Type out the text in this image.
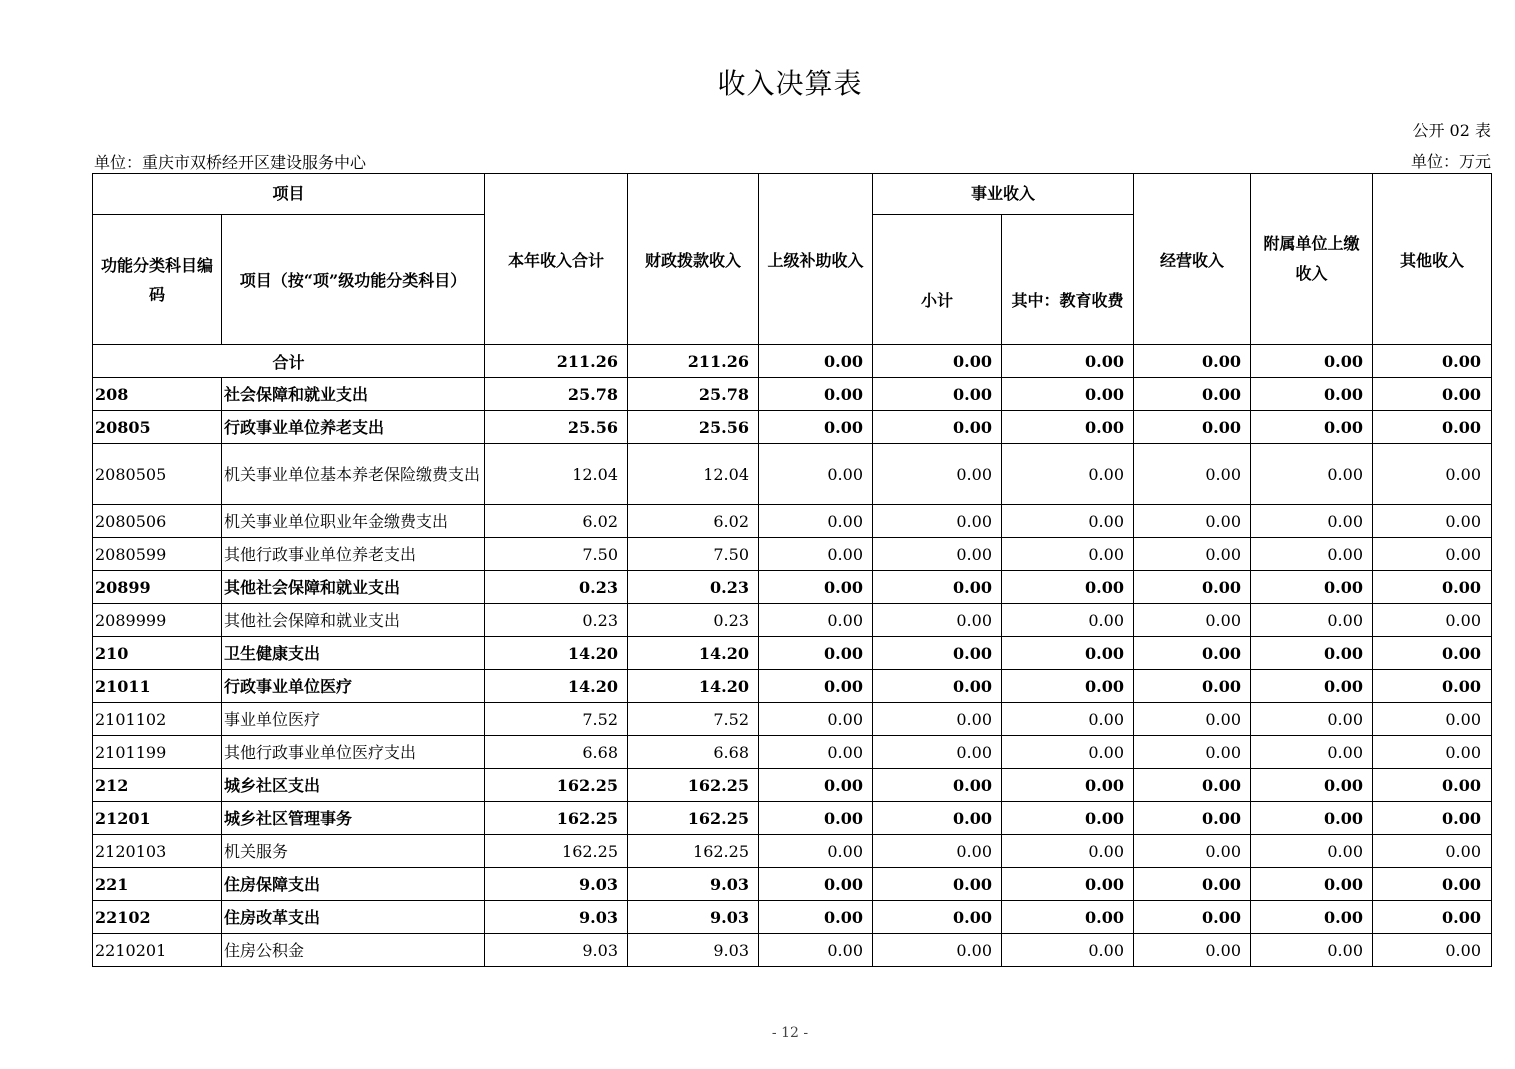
收入决算表
公开 02 表
单位：重庆市双桥经开区建设服务中心	单位：万元
项目		本年收入合计	财政拨款收入	上级补助收入	事业收入		经营收入	附属单位上缴收入	其他收入
功能分类科目编码	项目（按“项”级功能分类科目）				小计	其中：教育收费			
合计		211.26	211.26	0.00	0.00	0.00	0.00	0.00	0.00
208	社会保障和就业支出	25.78	25.78	0.00	0.00	0.00	0.00	0.00	0.00
20805	行政事业单位养老支出	25.56	25.56	0.00	0.00	0.00	0.00	0.00	0.00
2080505	机关事业单位基本养老保险缴费支出	12.04	12.04	0.00	0.00	0.00	0.00	0.00	0.00
2080506	机关事业单位职业年金缴费支出	6.02	6.02	0.00	0.00	0.00	0.00	0.00	0.00
2080599	其他行政事业单位养老支出	7.50	7.50	0.00	0.00	0.00	0.00	0.00	0.00
20899	其他社会保障和就业支出	0.23	0.23	0.00	0.00	0.00	0.00	0.00	0.00
2089999	其他社会保障和就业支出	0.23	0.23	0.00	0.00	0.00	0.00	0.00	0.00
210	卫生健康支出	14.20	14.20	0.00	0.00	0.00	0.00	0.00	0.00
21011	行政事业单位医疗	14.20	14.20	0.00	0.00	0.00	0.00	0.00	0.00
2101102	事业单位医疗	7.52	7.52	0.00	0.00	0.00	0.00	0.00	0.00
2101199	其他行政事业单位医疗支出	6.68	6.68	0.00	0.00	0.00	0.00	0.00	0.00
212	城乡社区支出	162.25	162.25	0.00	0.00	0.00	0.00	0.00	0.00
21201	城乡社区管理事务	162.25	162.25	0.00	0.00	0.00	0.00	0.00	0.00
2120103	机关服务	162.25	162.25	0.00	0.00	0.00	0.00	0.00	0.00
221	住房保障支出	9.03	9.03	0.00	0.00	0.00	0.00	0.00	0.00
22102	住房改革支出	9.03	9.03	0.00	0.00	0.00	0.00	0.00	0.00
2210201	住房公积金	9.03	9.03	0.00	0.00	0.00	0.00	0.00	0.00
- 12 -
